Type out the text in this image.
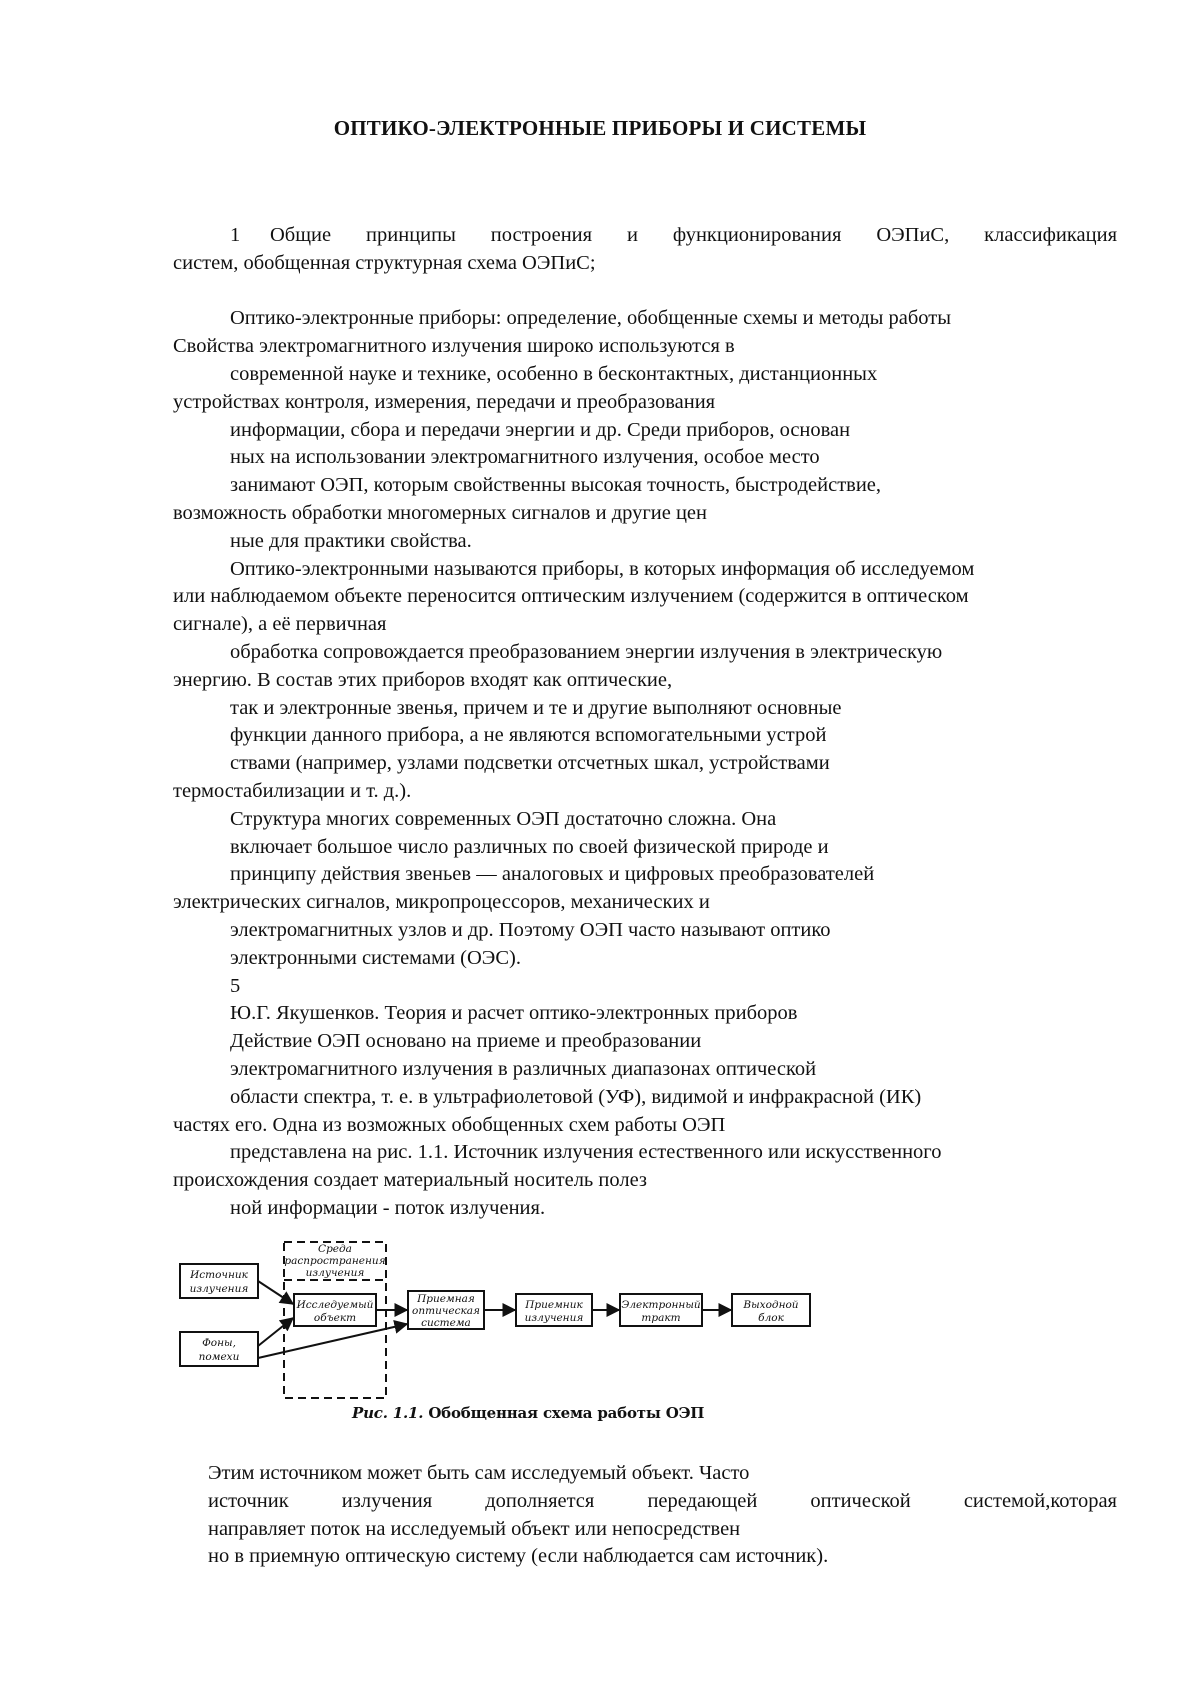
ОПТИКО-ЭЛЕКТРОННЫЕ ПРИБОРЫ И СИСТЕМЫ
1	Общие принципы построения и функционирования ОЭПиС, классификация
систем, обобщенная структурная схема ОЭПиС;
Оптико-электронные приборы: определение, обобщенные схемы и методы работы
Свойства электромагнитного излучения широко используются в
современной науке и технике, особенно в бесконтактных, дистанционных
устройствах контроля, измерения, передачи и преобразования
информации, сбора и передачи энергии и др. Среди приборов, основан
ных на использовании электромагнитного излучения, особое место
занимают ОЭП, которым свойственны высокая точность, быстродействие,
возможность обработки многомерных сигналов и другие цен
ные для практики свойства.
Оптико-электронными называются приборы, в которых информация об исследуемом
или наблюдаемом объекте переносится оптическим излучением (содержится в оптическом
сигнале), а её первичная
обработка сопровождается преобразованием энергии излучения в электрическую
энергию. В состав этих приборов входят как оптические,
так и электронные звенья, причем и те и другие выполняют основные
функции данного прибора, а не являются вспомогательными устрой
ствами (например, узлами подсветки отсчетных шкал, устройствами
термостабилизации и т. д.).
Структура многих современных ОЭП достаточно сложна. Она
включает большое число различных по своей физической природе и
принципу действия звеньев — аналоговых и цифровых преобразователей
электрических сигналов, микропроцессоров, механических и
электромагнитных узлов и др. Поэтому ОЭП часто называют оптико
электронными системами (ОЭС).
5
Ю.Г. Якушенков. Теория и расчет оптико-электронных приборов
Действие ОЭП основано на приеме и преобразовании
электромагнитного излучения в различных диапазонах оптической
области спектра, т. е. в ультрафиолетовой (УФ), видимой и инфракрасной (ИК)
частях его. Одна из возможных обобщенных схем работы ОЭП
представлена на рис. 1.1. Источник излучения естественного или искусственного
происхождения создает материальный носитель полез
ной информации - поток излучения.
Источник
излучения
Фоны,
помехи
Среда
распространения
излучения
Исследуемый
объект
Приемная
оптическая
система
Приемник
излучения
Электронный
тракт
Выходной
блок
Рис. 1.1. Обобщенная схема работы ОЭП
Этим источником может быть сам исследуемый объект. Часто
источник излучения дополняется передающей оптической системой,которая
направляет поток на исследуемый объект или непосредствен
но в приемную оптическую систему (если наблюдается сам источник).
